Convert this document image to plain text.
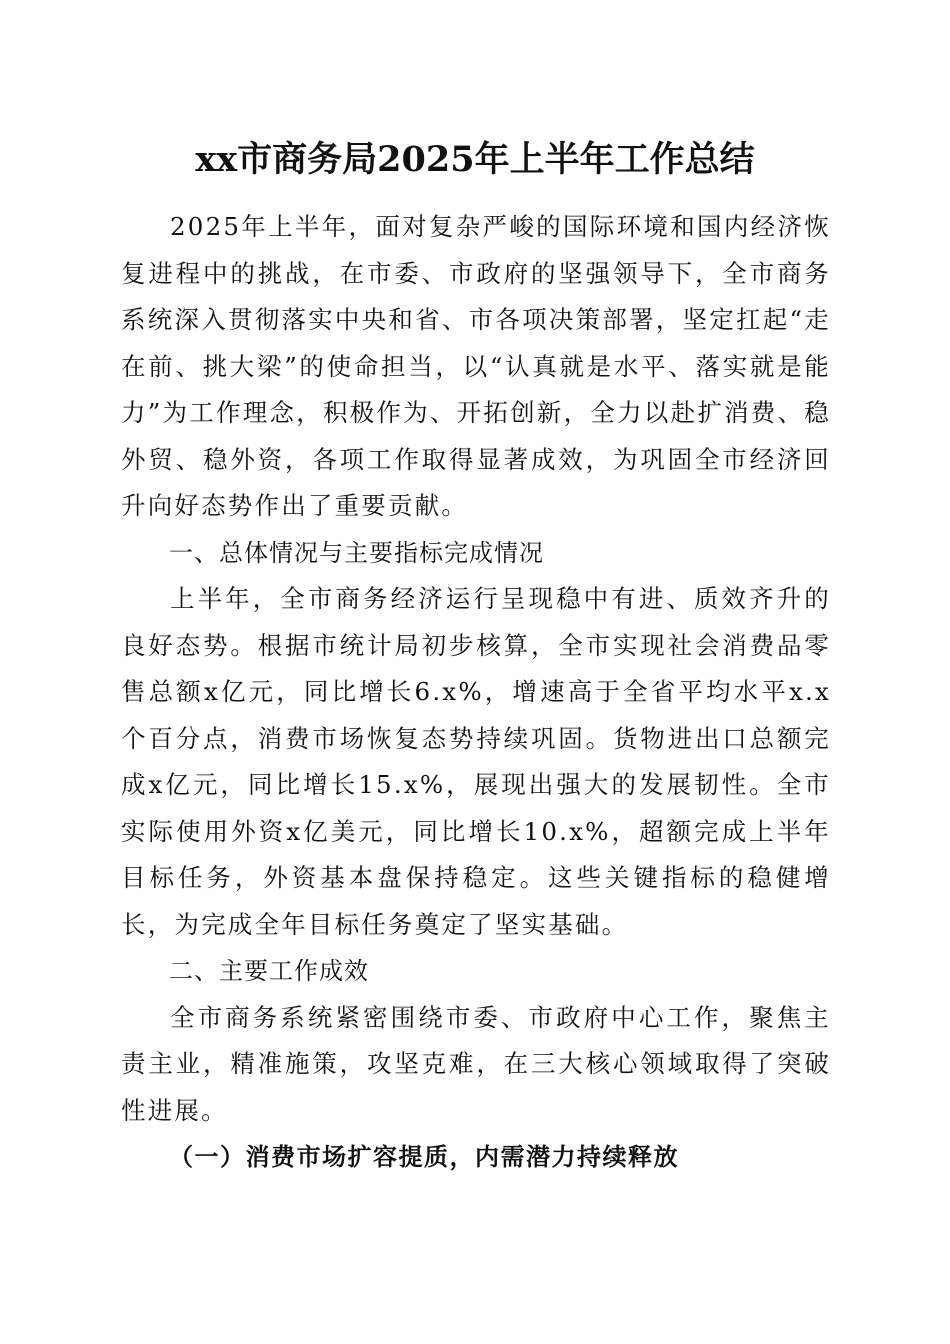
xx市商务局2025年上半年工作总结

2025年上半年，面对复杂严峻的国际环境和国内经济恢复进程中的挑战，在市委、市政府的坚强领导下，全市商务系统深入贯彻落实中央和省、市各项决策部署，坚定扛起“走在前、挑大梁”的使命担当，以“认真就是水平、落实就是能力”为工作理念，积极作为、开拓创新，全力以赴扩消费、稳外贸、稳外资，各项工作取得显著成效，为巩固全市经济回升向好态势作出了重要贡献。

一、总体情况与主要指标完成情况

上半年，全市商务经济运行呈现稳中有进、质效齐升的良好态势。根据市统计局初步核算，全市实现社会消费品零售总额x亿元，同比增长6.x%，增速高于全省平均水平x.x个百分点，消费市场恢复态势持续巩固。货物进出口总额完成x亿元，同比增长15.x%，展现出强大的发展韧性。全市实际使用外资x亿美元，同比增长10.x%，超额完成上半年目标任务，外资基本盘保持稳定。这些关键指标的稳健增长，为完成全年目标任务奠定了坚实基础。

二、主要工作成效

全市商务系统紧密围绕市委、市政府中心工作，聚焦主责主业，精准施策，攻坚克难，在三大核心领域取得了突破性进展。

（一）消费市场扩容提质，内需潜力持续释放
